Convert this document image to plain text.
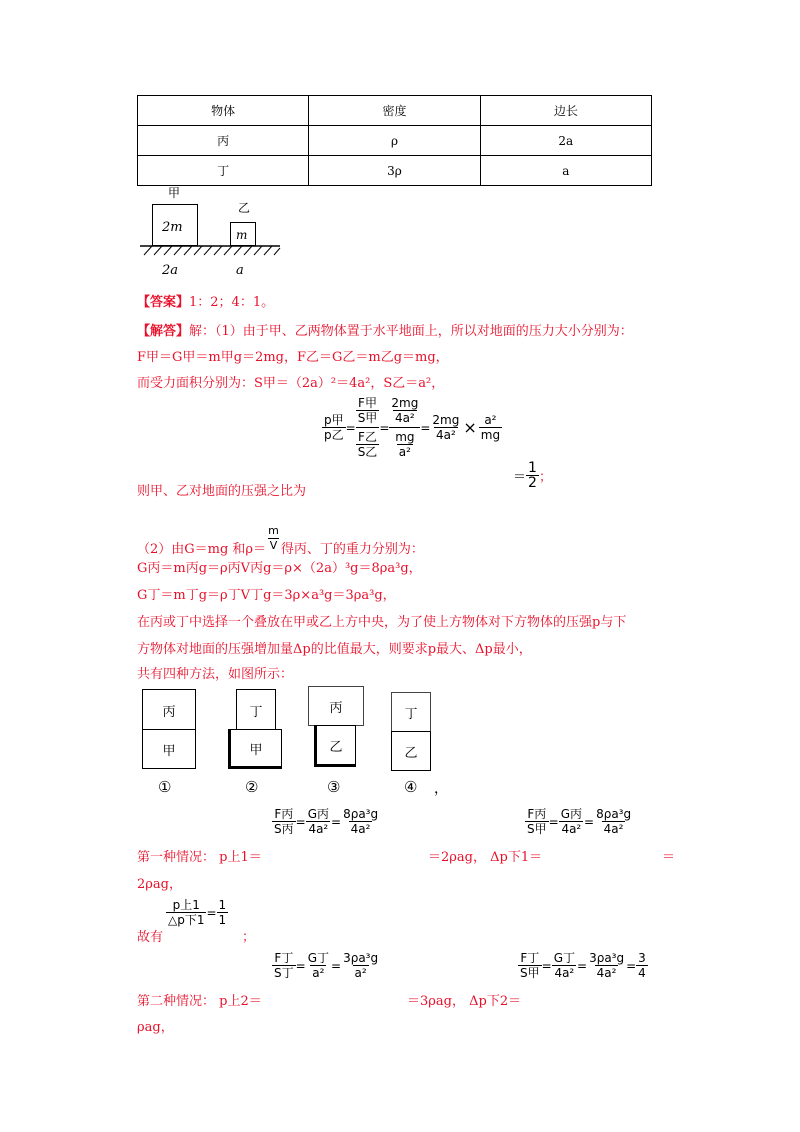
物体	密度	边长
丙	ρ	2a
丁	3ρ	a
甲
乙
2m	m
2a	a
【答案】1：2；4：1。
【解答】解：（1）由于甲、乙两物体置于水平地面上，所以对地面的压力大小分别为：
F甲＝G甲＝m甲g＝2mg，F乙＝G乙＝m乙g＝mg，
而受力面积分别为：S甲＝（2a）²＝4a²，S乙＝a²，
$\frac{\text{p甲}}{\text{p乙}}$ =
$\frac{\text{F甲}}{\text{S甲}}$
$\frac{\text{F乙}}{\text{S乙}}$
=
$\frac{2mg}{\text{4a²}}$
$\frac{mg}{\text{a²}}$
= $\frac{2mg}{\text{4a²}} \times \frac{\text{a²}}{mg}$
则甲、乙对地面的压强之比为
＝ $\frac{1}{2}$ ；
（2）由G＝mg 和$\rho= \frac{m}{V}$ 得丙、丁的重力分别为：
G丙＝m丙g＝ρ丙V丙g＝ρ×（2a）³g＝8ρa³g，
G丁＝m丁g＝ρ丁V丁g＝3ρ×a³g＝3ρa³g，
在丙或丁中选择一个叠放在甲或乙上方中央，为了使上方物体对下方物体的压强p与下
方物体对地面的压强增加量Δp的比值最大，则要求p最大、Δp最小，
共有四种方法，如图所示：
丙
甲
①
丁
甲
②
丙
乙
③
丁
乙
④ ，
$\frac{\text{F丙}}{\text{S丙}} = \frac{\text{G丙}}{\text{4a²}} = \frac{\text{8ρa³g}}{\text{4a²}}$	$\frac{\text{F丙}}{\text{S甲}} = \frac{\text{G丙}}{\text{4a²}} = \frac{\text{8ρa³g}}{\text{4a²}}$
第一种情况： p上1＝	＝2ρag， Δp下1＝	＝
2ρag，
$\frac{\text{p上1}}{\text{△p下1}} = \frac{1}{1}$
故有	；
$\frac{\text{F丁}}{\text{S丁}} = \frac{\text{G丁}}{\text{a²}} = \frac{\text{3ρa³g}}{\text{a²}}$	$\frac{\text{F丁}}{\text{S甲}} = \frac{\text{G丁}}{\text{4a²}} = \frac{\text{3ρa³g}}{\text{4a²}} = \frac{3}{4}$
第二种情况： p上2＝	＝3ρag， Δp下2＝
ρag，
